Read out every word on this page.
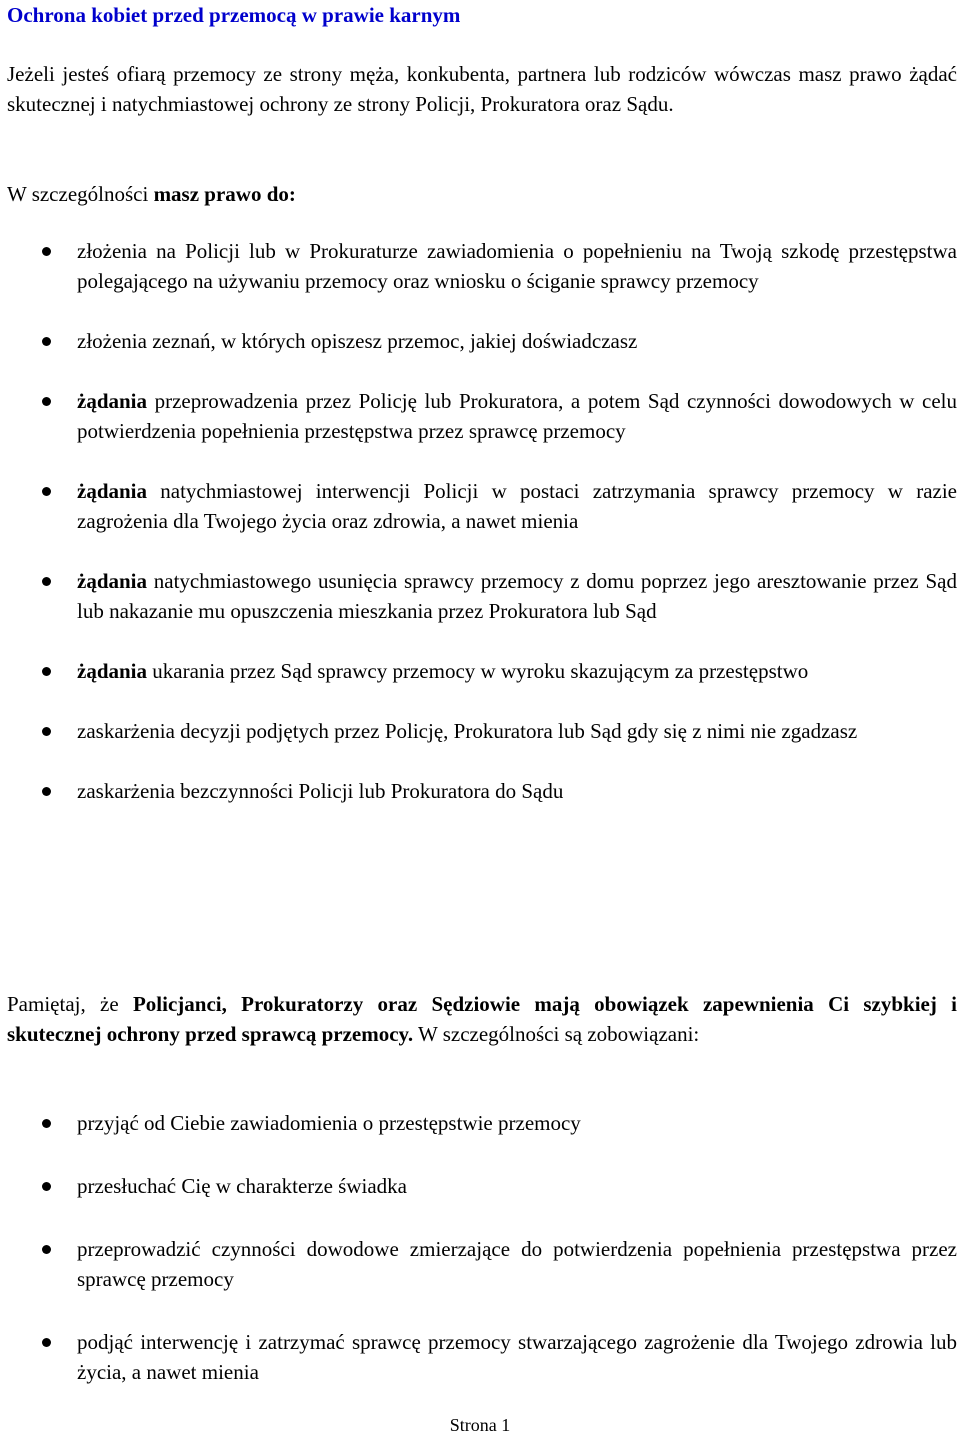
Ochrona kobiet przed przemocą w prawie karnym
Jeżeli jesteś ofiarą przemocy ze strony męża, konkubenta, partnera lub rodziców wówczas masz prawo żądać skutecznej i natychmiastowej ochrony ze strony Policji, Prokuratora oraz Sądu.
W szczególności masz prawo do:
złożenia na Policji lub w Prokuraturze zawiadomienia o popełnieniu na Twoją szkodę przestępstwa polegającego na używaniu przemocy oraz wniosku o ściganie sprawcy przemocy
złożenia zeznań, w których opiszesz przemoc, jakiej doświadczasz
żądania przeprowadzenia przez Policję lub Prokuratora, a potem Sąd czynności dowodowych w celu potwierdzenia popełnienia przestępstwa przez sprawcę przemocy
żądania natychmiastowej interwencji Policji w postaci zatrzymania sprawcy przemocy w razie zagrożenia dla Twojego życia oraz zdrowia, a nawet mienia
żądania natychmiastowego usunięcia sprawcy przemocy z domu poprzez jego aresztowanie przez Sąd lub nakazanie mu opuszczenia mieszkania przez Prokuratora lub Sąd
żądania ukarania przez Sąd sprawcy przemocy w wyroku skazującym za przestępstwo
zaskarżenia decyzji podjętych przez Policję, Prokuratora lub Sąd gdy się z nimi nie zgadzasz
zaskarżenia bezczynności Policji lub Prokuratora do Sądu
Pamiętaj, że Policjanci, Prokuratorzy oraz Sędziowie mają obowiązek zapewnienia Ci szybkiej i skutecznej ochrony przed sprawcą przemocy. W szczególności są zobowiązani:
przyjąć od Ciebie zawiadomienia o przestępstwie przemocy
przesłuchać Cię w charakterze świadka
przeprowadzić czynności dowodowe zmierzające do potwierdzenia popełnienia przestępstwa przez sprawcę przemocy
podjąć interwencję i zatrzymać sprawcę przemocy stwarzającego zagrożenie dla Twojego zdrowia lub życia, a nawet mienia
Strona 1
